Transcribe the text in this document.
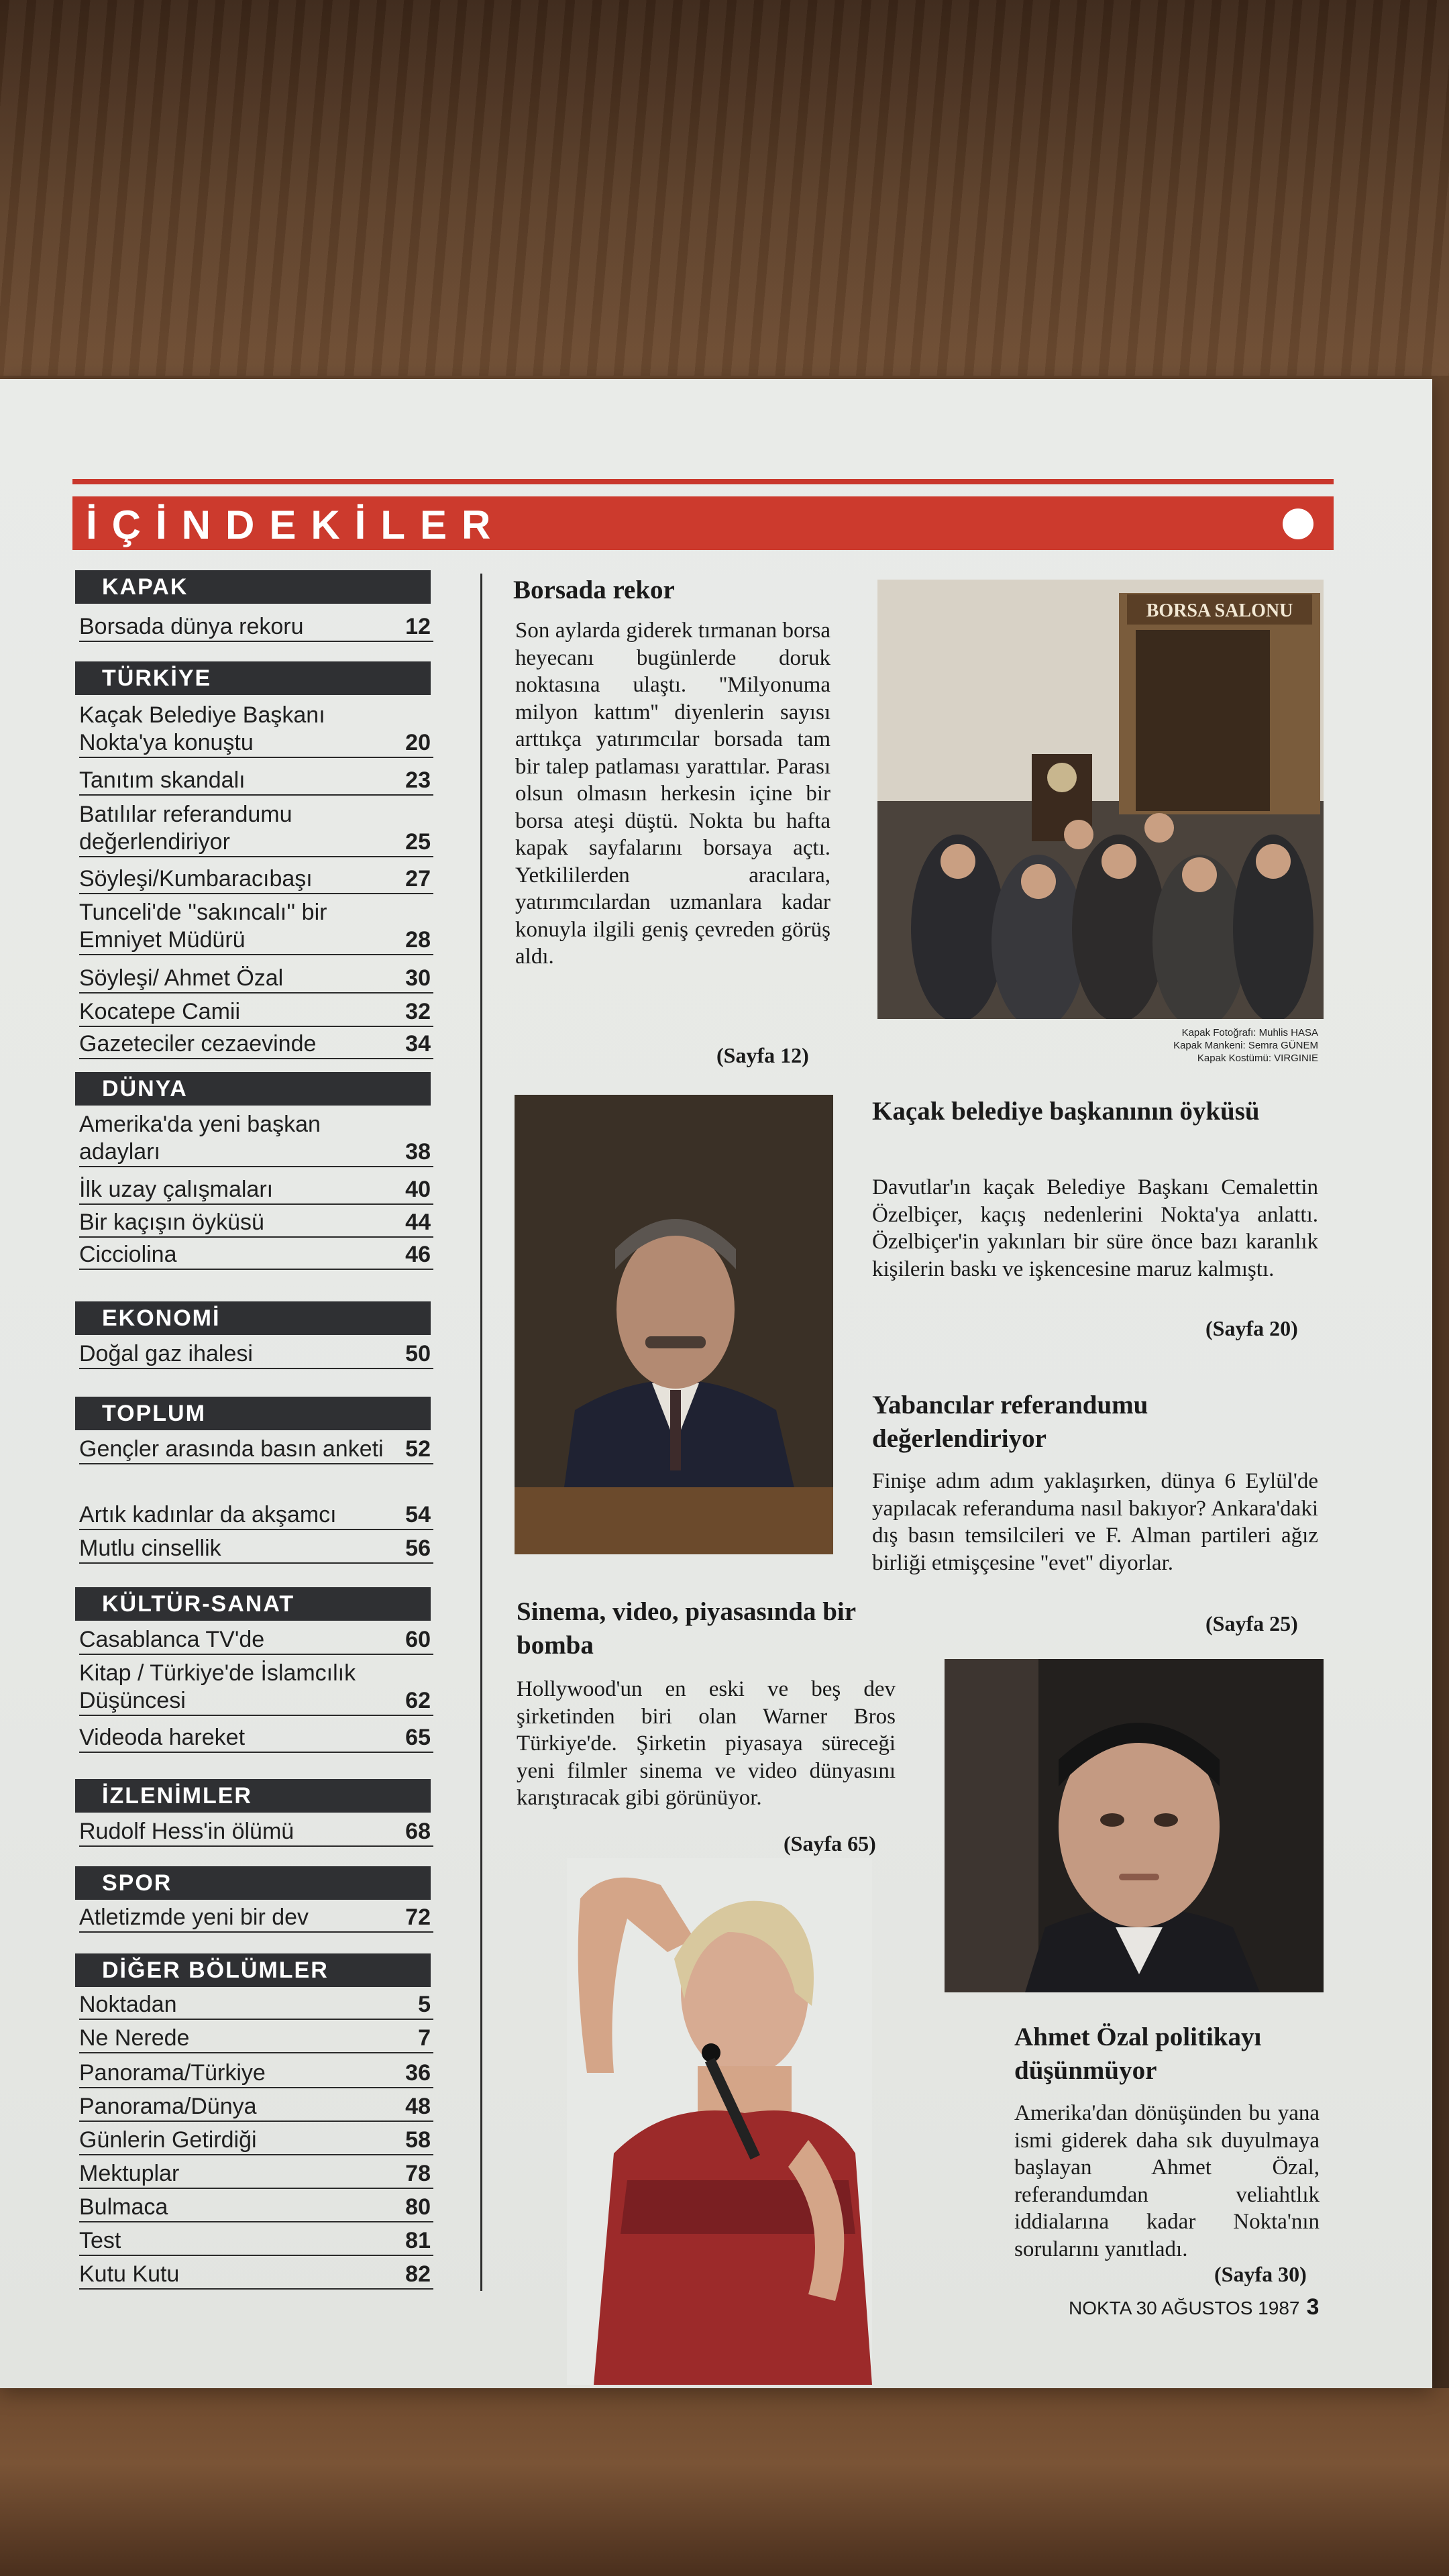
İÇİNDEKİLER
KAPAK
Borsada dünya rekoru	12
TÜRKİYE
Kaçak Belediye Başkanı Nokta'ya konuştu	20
Tanıtım skandalı	23
Batılılar referandumu değerlendiriyor	25
Söyleşi/Kumbaracıbaşı	27
Tunceli'de ''sakıncalı'' bir Emniyet Müdürü	28
Söyleşi/ Ahmet Özal	30
Kocatepe Camii	32
Gazeteciler cezaevinde	34
DÜNYA
Amerika'da yeni başkan adayları	38
İlk uzay çalışmaları	40
Bir kaçışın öyküsü	44
Cicciolina	46
EKONOMİ
Doğal gaz ihalesi	50
TOPLUM
Gençler arasında basın anketi 52
Artık kadınlar da akşamcı	54
Mutlu cinsellik	56
KÜLTÜR-SANAT
Casablanca TV'de	60
Kitap / Türkiye'de İslamcılık Düşüncesi	62
Videoda hareket	65
İZLENİMLER
Rudolf Hess'in ölümü	68
SPOR
Atletizmde yeni bir dev	72
DİĞER BÖLÜMLER
Noktadan	5
Ne Nerede	7
Panorama/Türkiye	36
Panorama/Dünya	48
Günlerin Getirdiği	58
Mektuplar	78
Bulmaca	80
Test	81
Kutu Kutu	82
Borsada rekor
Son aylarda giderek tırmanan borsa heyecanı bugünlerde doruk noktasına ulaştı. ''Milyonuma milyon kattım'' diyenlerin sayısı arttıkça yatırımcılar borsada tam bir talep patlaması yarattılar. Parası olsun olmasın herkesin içine bir borsa ateşi düştü. Nokta bu hafta kapak sayfalarını borsaya açtı. Yetkililerden aracılara, yatırımcılardan uzmanlara kadar konuyla ilgili geniş çevreden görüş aldı.
(Sayfa 12)
BORSA SALONU
Kapak Fotoğrafı: Muhlis HASA
Kapak Mankeni: Semra GÜNEM
Kapak Kostümü: VIRGINIE
Kaçak belediye başkanının öyküsü
Davutlar'ın kaçak Belediye Başkanı Cemalettin Özelbiçer, kaçış nedenlerini Nokta'ya anlattı. Özelbiçer'in yakınları bir süre önce bazı karanlık kişilerin baskı ve işkencesine maruz kalmıştı.
(Sayfa 20)
Yabancılar referandumu değerlendiriyor
Finişe adım adım yaklaşırken, dünya 6 Eylül'de yapılacak referanduma nasıl bakıyor? Ankara'daki dış basın temsilcileri ve F. Alman partileri ağız birliği etmişçesine ''evet'' diyorlar.
(Sayfa 25)
Sinema, video, piyasasında bir bomba
Hollywood'un en eski ve beş dev şirketinden biri olan Warner Bros Türkiye'de. Şirketin piyasaya süreceği yeni filmler sinema ve video dünyasını karıştıracak gibi görünüyor.
(Sayfa 65)
Ahmet Özal politikayı düşünmüyor
Amerika'dan dönüşünden bu yana ismi giderek daha sık duyulmaya başlayan Ahmet Özal, referandumdan veliahtlık iddialarına kadar Nokta'nın sorularını yanıtladı.
(Sayfa 30)
NOKTA 30 AĞUSTOS 1987 3
